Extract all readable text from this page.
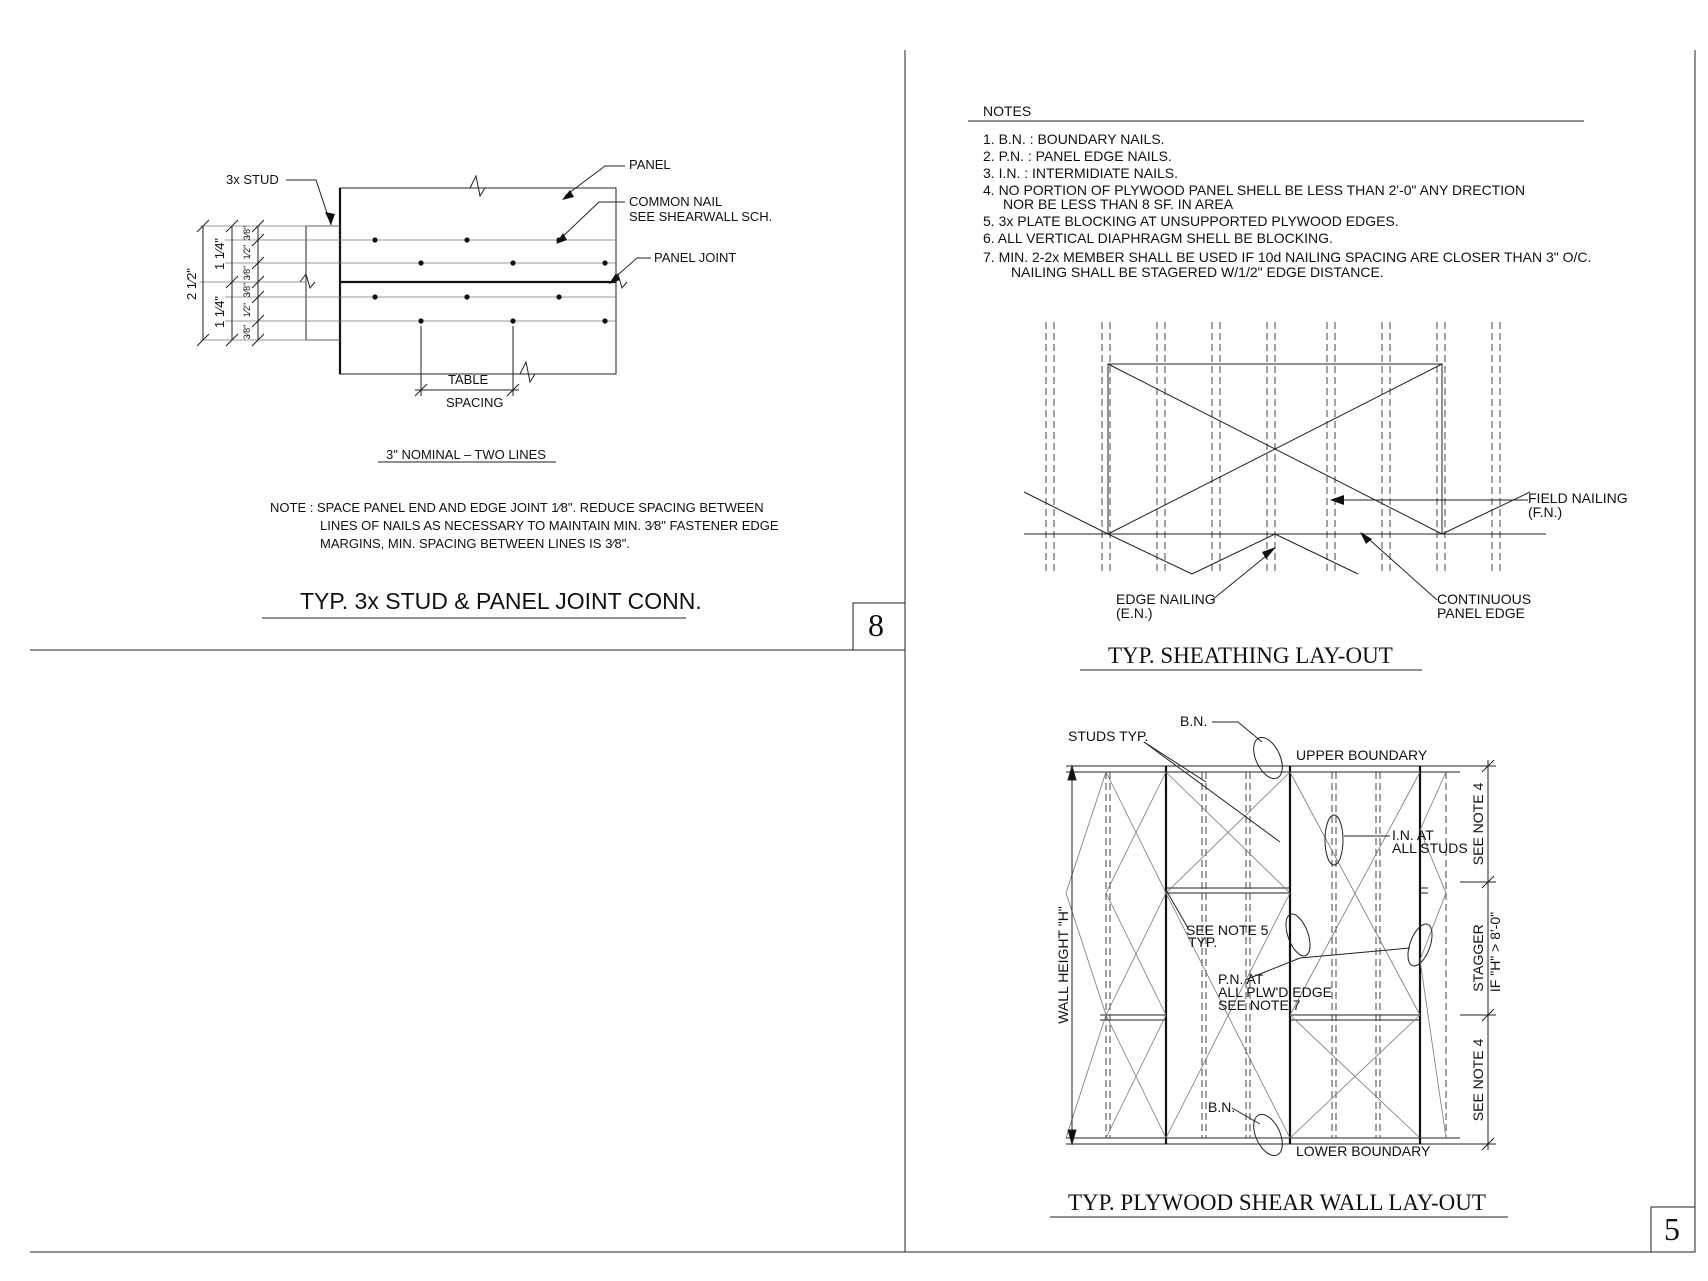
3x STUD
PANEL
COMMON NAIL
SEE SHEARWALL SCH.
PANEL JOINT
TABLE
SPACING
2 1⁄2"
1 1⁄4"
1 1⁄4"
3⁄8"
1⁄2"
3⁄8"
3⁄8"
1⁄2"
3⁄8"
3" NOMINAL – TWO LINES
NOTE : SPACE PANEL END AND EDGE JOINT 1⁄8". REDUCE SPACING BETWEEN
LINES OF NAILS AS NECESSARY TO MAINTAIN MIN. 3⁄8" FASTENER EDGE
MARGINS, MIN. SPACING BETWEEN LINES IS 3⁄8".
TYP. 3x STUD & PANEL JOINT CONN.
8
NOTES
1. B.N. : BOUNDARY NAILS.
2. P.N. : PANEL EDGE NAILS.
3. I.N. : INTERMIDIATE NAILS.
4. NO PORTION OF PLYWOOD PANEL SHELL BE LESS THAN 2'-0" ANY DRECTION
NOR BE LESS THAN 8 SF. IN AREA
5. 3x PLATE BLOCKING AT UNSUPPORTED PLYWOOD EDGES.
6. ALL VERTICAL DIAPHRAGM SHELL BE BLOCKING.
7. MIN. 2-2x MEMBER SHALL BE USED IF 10d NAILING SPACING ARE CLOSER THAN 3" O/C.
NAILING SHALL BE STAGERED W/1/2" EDGE DISTANCE.
FIELD NAILING
(F.N.)
EDGE NAILING
(E.N.)
CONTINUOUS
PANEL EDGE
TYP. SHEATHING LAY-OUT
B.N.
STUDS TYP.
UPPER BOUNDARY
I.N. AT
ALL STUDS
SEE NOTE 5
TYP.
P.N. AT
ALL PLW'D EDGE
SEE NOTE 7
B.N.
LOWER BOUNDARY
WALL HEIGHT "H"
SEE NOTE 4
STAGGER IF "H" > 8'-0"
SEE NOTE 4
TYP. PLYWOOD SHEAR WALL LAY-OUT
5
